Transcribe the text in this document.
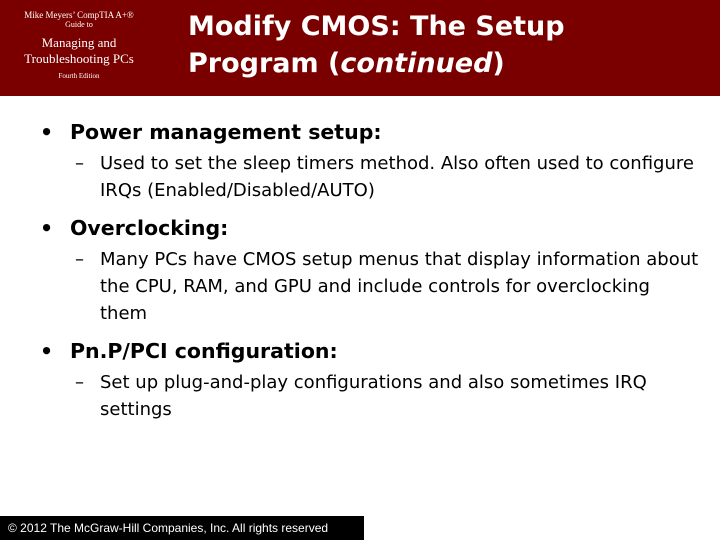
Mike Meyers’ CompTIA A+®
Guide to
Managing and
Troubleshooting PCs
Fourth Edition
Modify CMOS: The Setup
Program (continued)
• Power management setup:
– Used to set the sleep timers method. Also often used to configure IRQs (Enabled/Disabled/AUTO)
• Overclocking:
– Many PCs have CMOS setup menus that display information about the CPU, RAM, and GPU and include controls for overclocking them
• Pn.P/PCI configuration:
– Set up plug-and-play configurations and also sometimes IRQ settings
© 2012 The McGraw-Hill Companies, Inc. All rights reserved
